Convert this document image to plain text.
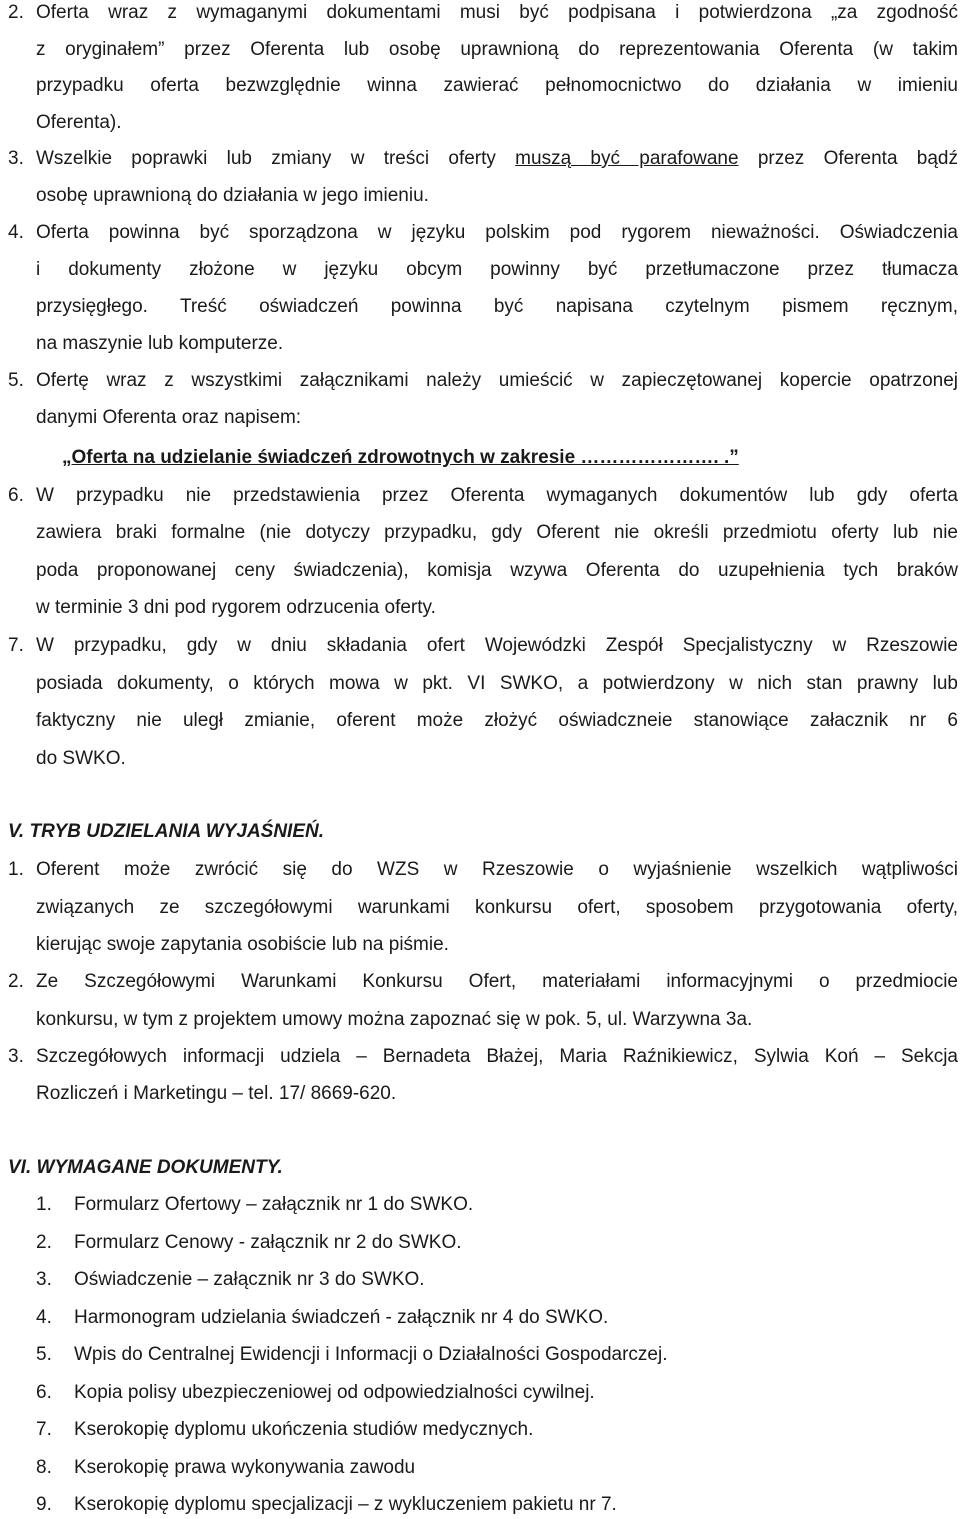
2. Oferta wraz z wymaganymi dokumentami musi być podpisana i potwierdzona „za zgodność
z oryginałem” przez Oferenta lub osobę uprawnioną do reprezentowania Oferenta (w takim
przypadku oferta bezwzględnie winna zawierać pełnomocnictwo do działania w imieniu
Oferenta).
3. Wszelkie poprawki lub zmiany w treści oferty muszą być parafowane przez Oferenta bądź
osobę uprawnioną do działania w jego imieniu.
4. Oferta powinna być sporządzona w języku polskim pod rygorem nieważności. Oświadczenia
i dokumenty złożone w języku obcym powinny być przetłumaczone przez tłumacza
przysięgłego. Treść oświadczeń powinna być napisana czytelnym pismem ręcznym,
na maszynie lub komputerze.
5. Ofertę wraz z wszystkimi załącznikami należy umieścić w zapieczętowanej kopercie opatrzonej
danymi Oferenta oraz napisem:
„Oferta na udzielanie świadczeń zdrowotnych w zakresie …………………. .”
6. W przypadku nie przedstawienia przez Oferenta wymaganych dokumentów lub gdy oferta
zawiera braki formalne (nie dotyczy przypadku, gdy Oferent nie określi przedmiotu oferty lub nie
poda proponowanej ceny świadczenia), komisja wzywa Oferenta do uzupełnienia tych braków
w terminie 3 dni pod rygorem odrzucenia oferty.
7. W przypadku, gdy w dniu składania ofert Wojewódzki Zespół Specjalistyczny w Rzeszowie
posiada dokumenty, o których mowa w pkt. VI SWKO, a potwierdzony w nich stan prawny lub
faktyczny nie uległ zmianie, oferent może złożyć oświadczneie stanowiące załacznik nr 6
do SWKO.
V. TRYB UDZIELANIA WYJAŚNIEŃ.
1. Oferent może zwrócić się do WZS w Rzeszowie o wyjaśnienie wszelkich wątpliwości
związanych ze szczegółowymi warunkami konkursu ofert, sposobem przygotowania oferty,
kierując swoje zapytania osobiście lub na piśmie.
2. Ze Szczegółowymi Warunkami Konkursu Ofert, materiałami informacyjnymi o przedmiocie
konkursu, w tym z projektem umowy można zapoznać się w pok. 5, ul. Warzywna 3a.
3. Szczegółowych informacji udziela – Bernadeta Błażej, Maria Raźnikiewicz, Sylwia Koń – Sekcja
Rozliczeń i Marketingu – tel. 17/ 8669-620.
VI. WYMAGANE DOKUMENTY.
1. Formularz Ofertowy – załącznik nr 1 do SWKO.
2. Formularz Cenowy - załącznik nr 2 do SWKO.
3. Oświadczenie – załącznik nr 3 do SWKO.
4. Harmonogram udzielania świadczeń - załącznik nr 4 do SWKO.
5. Wpis do Centralnej Ewidencji i Informacji o Działalności Gospodarczej.
6. Kopia polisy ubezpieczeniowej od odpowiedzialności cywilnej.
7. Kserokopię dyplomu ukończenia studiów medycznych.
8. Kserokopię prawa wykonywania zawodu
9. Kserokopię dyplomu specjalizacji – z wykluczeniem pakietu nr 7.
